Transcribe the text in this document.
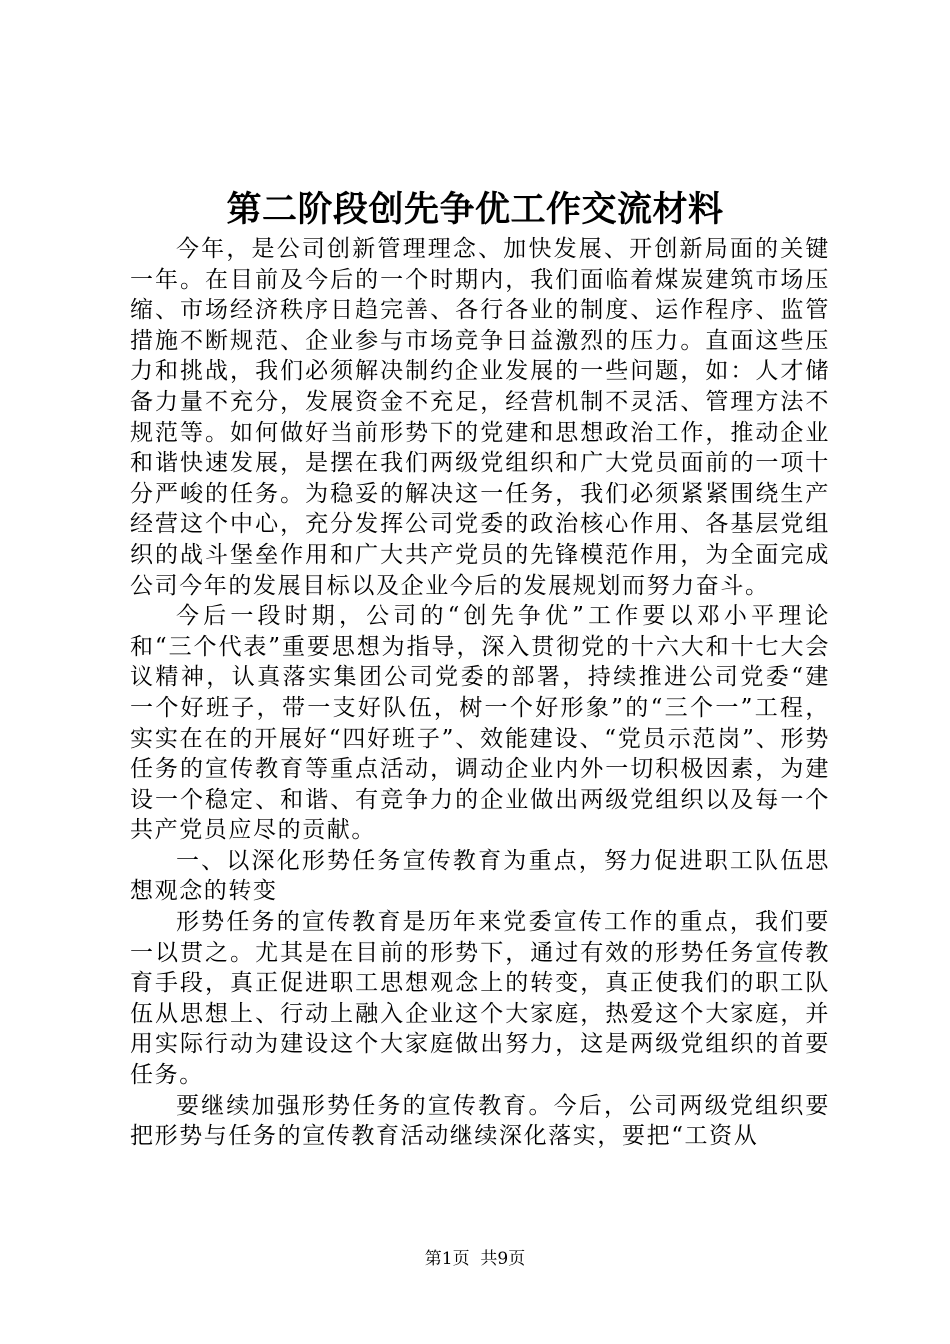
第二阶段创先争优工作交流材料

今年，是公司创新管理理念、加快发展、开创新局面的关键一年。在目前及今后的一个时期内，我们面临着煤炭建筑市场压缩、市场经济秩序日趋完善、各行各业的制度、运作程序、监管措施不断规范、企业参与市场竞争日益激烈的压力。直面这些压力和挑战，我们必须解决制约企业发展的一些问题，如：人才储备力量不充分，发展资金不充足，经营机制不灵活、管理方法不规范等。如何做好当前形势下的党建和思想政治工作，推动企业和谐快速发展，是摆在我们两级党组织和广大党员面前的一项十分严峻的任务。为稳妥的解决这一任务，我们必须紧紧围绕生产经营这个中心，充分发挥公司党委的政治核心作用、各基层党组织的战斗堡垒作用和广大共产党员的先锋模范作用，为全面完成公司今年的发展目标以及企业今后的发展规划而努力奋斗。

今后一段时期，公司的“创先争优”工作要以邓小平理论和“三个代表”重要思想为指导，深入贯彻党的十六大和十七大会议精神，认真落实集团公司党委的部署，持续推进公司党委“建一个好班子，带一支好队伍，树一个好形象”的“三个一”工程，实实在在的开展好“四好班子”、效能建设、“党员示范岗”、形势任务的宣传教育等重点活动，调动企业内外一切积极因素，为建设一个稳定、和谐、有竞争力的企业做出两级党组织以及每一个共产党员应尽的贡献。

一、以深化形势任务宣传教育为重点，努力促进职工队伍思想观念的转变

形势任务的宣传教育是历年来党委宣传工作的重点，我们要一以贯之。尤其是在目前的形势下，通过有效的形势任务宣传教育手段，真正促进职工思想观念上的转变，真正使我们的职工队伍从思想上、行动上融入企业这个大家庭，热爱这个大家庭，并用实际行动为建设这个大家庭做出努力，这是两级党组织的首要任务。

要继续加强形势任务的宣传教育。今后，公司两级党组织要把形势与任务的宣传教育活动继续深化落实，要把“工资从

第1页 共9页
